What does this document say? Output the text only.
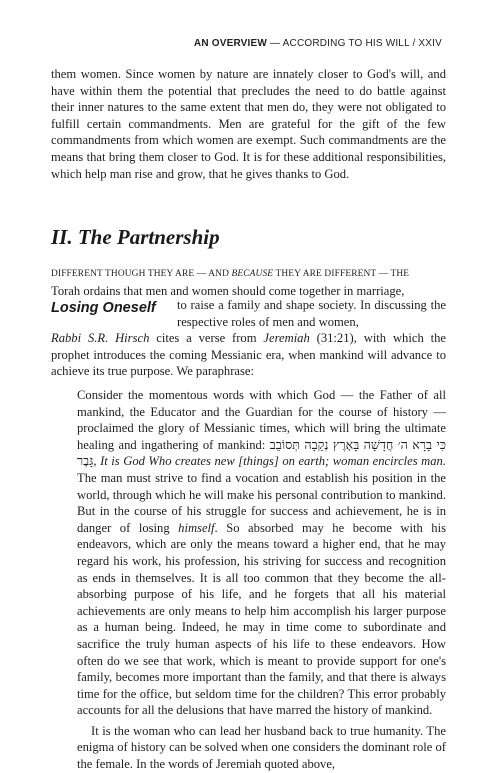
AN OVERVIEW — ACCORDING TO HIS WILL / XXIV
them women. Since women by nature are innately closer to God's will, and have within them the potential that precludes the need to do battle against their inner natures to the same extent that men do, they were not obligated to fulfill certain commandments. Men are grateful for the gift of the few commandments from which women are exempt. Such commandments are the means that bring them closer to God. It is for these additional responsibilities, which help man rise and grow, that he gives thanks to God.
II. The Partnership
DIFFERENT THOUGH THEY ARE — AND BECAUSE THEY ARE DIFFERENT — THE
Torah ordains that men and women should come together in marriage,
Losing Oneself to raise a family and shape society. In discussing the respective roles of men and women,
Rabbi S.R. Hirsch cites a verse from Jeremiah (31:21), with which the prophet introduces the coming Messianic era, when mankind will advance to achieve its true purpose. We paraphrase:

Consider the momentous words with which God — the Father of all mankind, the Educator and the Guardian for the course of history — proclaimed the glory of Messianic times, which will bring the ultimate healing and ingathering of mankind: כִּי בָרָא ה׳ חֲדָשָׁה בָּאָרֶץ נְקֵבָה תְּסוֹבֵב גָּבֶר, It is God Who creates new [things] on earth; woman encircles man. The man must strive to find a vocation and establish his position in the world, through which he will make his personal contribution to mankind. But in the course of his struggle for success and achievement, he is in danger of losing himself. So absorbed may he become with his endeavors, which are only the means toward a higher end, that he may regard his work, his profession, his striving for success and recognition as ends in themselves. It is all too common that they become the all-absorbing purpose of his life, and he forgets that all his material achievements are only means to help him accomplish his larger purpose as a human being. Indeed, he may in time come to subordinate and sacrifice the truly human aspects of his life to these endeavors. How often do we see that work, which is meant to provide support for one's family, becomes more important than the family, and that there is always time for the office, but seldom time for the children? This error probably accounts for all the delusions that have marred the history of mankind.

It is the woman who can lead her husband back to true humanity. The enigma of history can be solved when one considers the dominant role of the female. In the words of Jeremiah quoted above,
